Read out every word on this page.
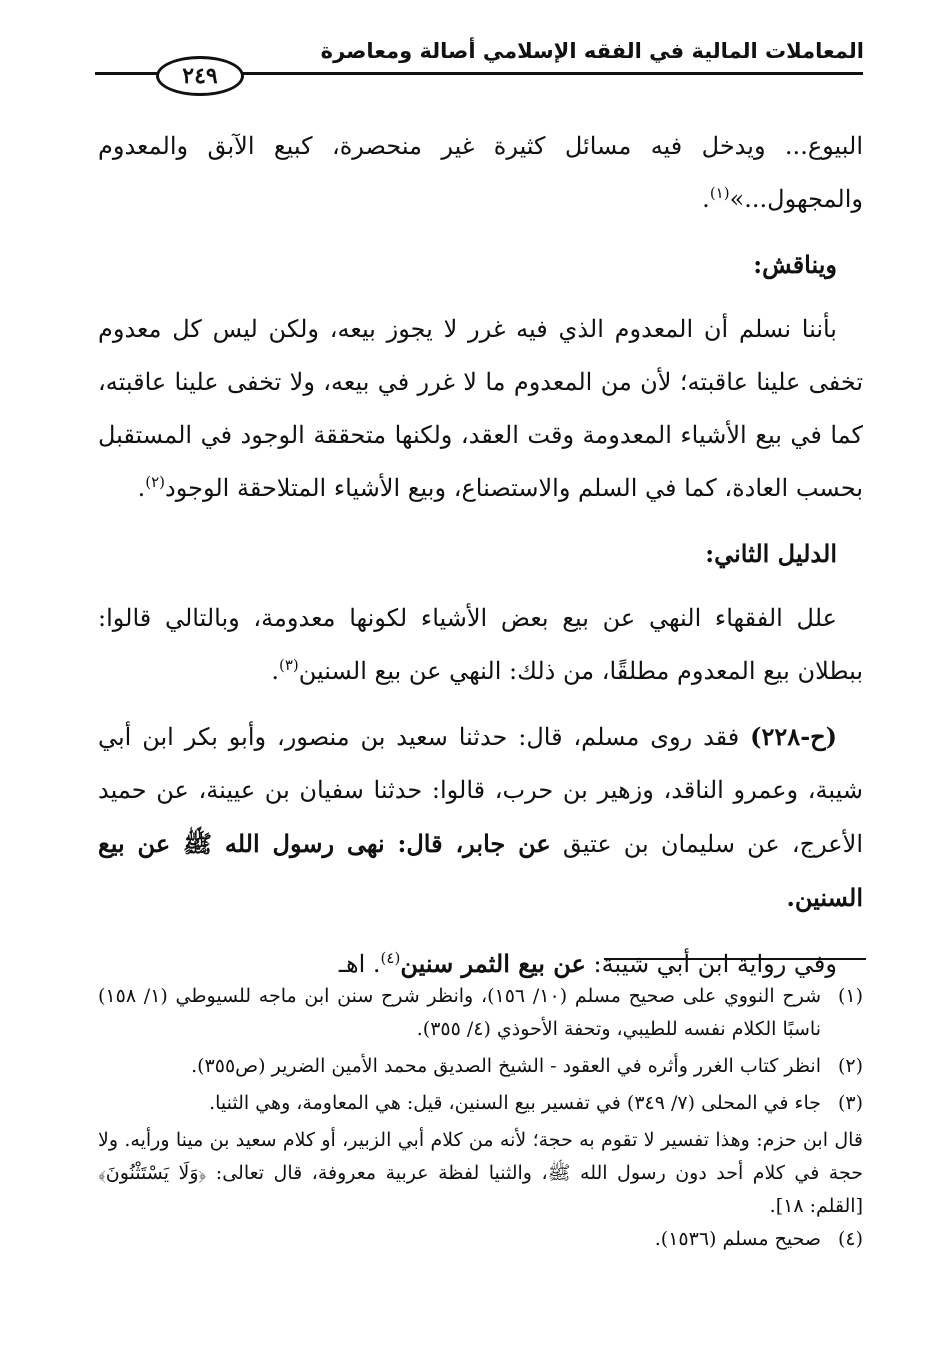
المعاملات المالية في الفقه الإسلامي أصالة ومعاصرة
٢٤٩

البيوع... ويدخل فيه مسائل كثيرة غير منحصرة، كبيع الآبق والمعدوم والمجهول...»$^{(١)}$.

ويناقش:

بأننا نسلم أن المعدوم الذي فيه غرر لا يجوز بيعه، ولكن ليس كل معدوم تخفى علينا عاقبته؛ لأن من المعدوم ما لا غرر في بيعه، ولا تخفى علينا عاقبته، كما في بيع الأشياء المعدومة وقت العقد، ولكنها متحققة الوجود في المستقبل بحسب العادة، كما في السلم والاستصناع، وبيع الأشياء المتلاحقة الوجود$^{(٢)}$.

الدليل الثاني:

علل الفقهاء النهي عن بيع بعض الأشياء لكونها معدومة، وبالتالي قالوا: ببطلان بيع المعدوم مطلقًا، من ذلك: النهي عن بيع السنين$^{(٣)}$.

(ح-٢٢٨) فقد روى مسلم، قال: حدثنا سعيد بن منصور، وأبو بكر ابن أبي شيبة، وعمرو الناقد، وزهير بن حرب، قالوا: حدثنا سفيان بن عيينة، عن حميد الأعرج، عن سليمان بن عتيق عن جابر، قال: نهى رسول الله ﷺ عن بيع السنين.

وفي رواية ابن أبي شيبة: عن بيع الثمر سنين$^{(٤)}$. اهـ

(١)
شرح النووي على صحيح مسلم (١٠/ ١٥٦)، وانظر شرح سنن ابن ماجه للسيوطي (١/ ١٥٨) ناسبًا الكلام نفسه للطيبي، وتحفة الأحوذي (٤/ ٣٥٥).
(٢)
انظر كتاب الغرر وأثره في العقود - الشيخ الصديق محمد الأمين الضرير (ص٣٥٥).
(٣)
جاء في المحلى (٧/ ٣٤٩) في تفسير بيع السنين، قيل: هي المعاومة، وهي الثنيا.

قال ابن حزم: وهذا تفسير لا تقوم به حجة؛ لأنه من كلام أبي الزبير، أو كلام سعيد بن مينا ورأيه. ولا حجة في كلام أحد دون رسول الله ﷺ، والثنيا لفظة عربية معروفة، قال تعالى: ﴿وَلَا يَسْتَثْنُونَ﴾ [القلم: ١٨].

(٤)
صحيح مسلم (١٥٣٦).
